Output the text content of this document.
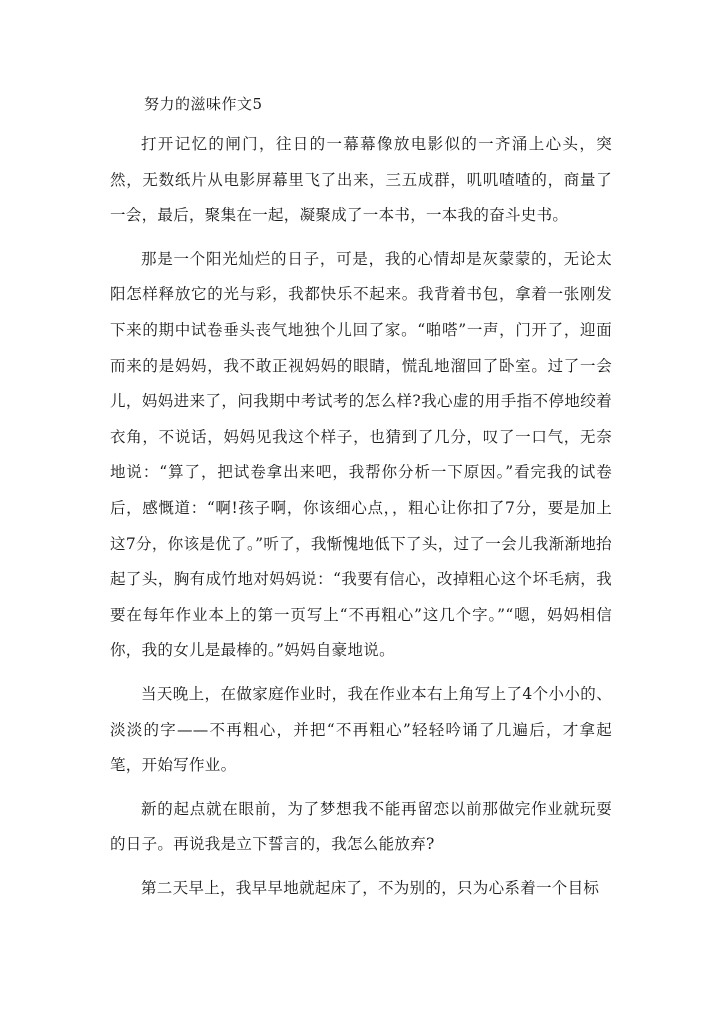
努力的滋味作文5

打开记忆的闸门，往日的一幕幕像放电影似的一齐涌上心头，突然，无数纸片从电影屏幕里飞了出来，三五成群，叽叽喳喳的，商量了一会，最后，聚集在一起，凝聚成了一本书，一本我的奋斗史书。

那是一个阳光灿烂的日子，可是，我的心情却是灰蒙蒙的，无论太阳怎样释放它的光与彩，我都快乐不起来。我背着书包，拿着一张刚发下来的期中试卷垂头丧气地独个儿回了家。“啪嗒”一声，门开了，迎面而来的是妈妈，我不敢正视妈妈的眼睛，慌乱地溜回了卧室。过了一会儿，妈妈进来了，问我期中考试考的怎么样?我心虚的用手指不停地绞着衣角，不说话，妈妈见我这个样子，也猜到了几分，叹了一口气，无奈地说：“算了，把试卷拿出来吧，我帮你分析一下原因。”看完我的试卷后，感慨道：“啊!孩子啊，你该细心点，，粗心让你扣了7分，要是加上这7分，你该是优了。”听了，我惭愧地低下了头，过了一会儿我渐渐地抬起了头，胸有成竹地对妈妈说：“我要有信心，改掉粗心这个坏毛病，我要在每年作业本上的第一页写上“不再粗心”这几个字。”“嗯，妈妈相信你，我的女儿是最棒的。”妈妈自豪地说。

当天晚上，在做家庭作业时，我在作业本右上角写上了4个小小的、淡淡的字——不再粗心，并把“不再粗心”轻轻吟诵了几遍后，才拿起笔，开始写作业。

新的起点就在眼前，为了梦想我不能再留恋以前那做完作业就玩耍的日子。再说我是立下誓言的，我怎么能放弃?

第二天早上，我早早地就起床了，不为别的，只为心系着一个目标
